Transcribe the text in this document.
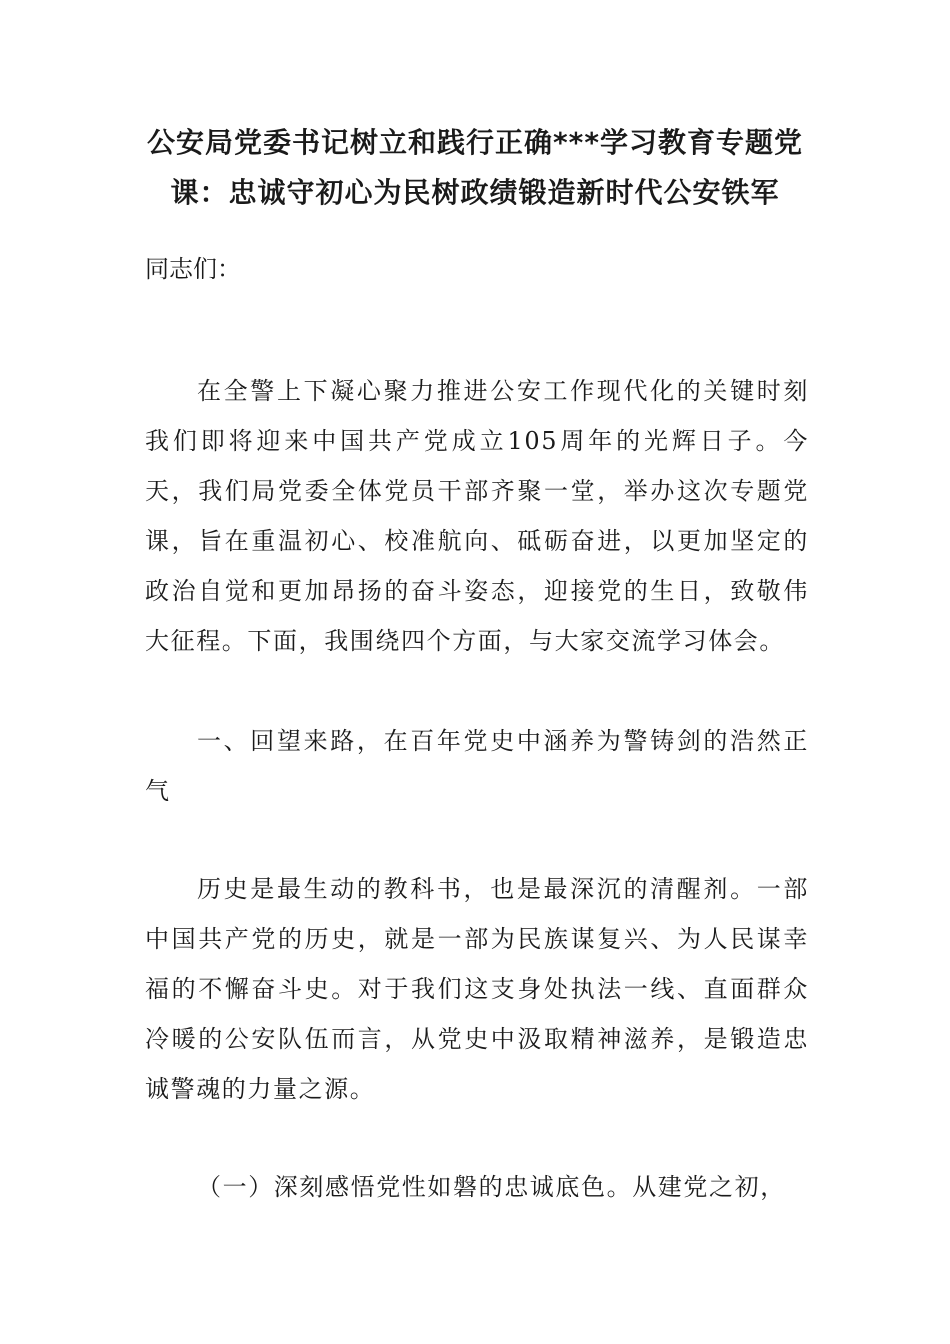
公安局党委书记树立和践行正确***学习教育专题党课：忠诚守初心为民树政绩锻造新时代公安铁军

同志们：

在全警上下凝心聚力推进公安工作现代化的关键时刻我们即将迎来中国共产党成立105周年的光辉日子。今天，我们局党委全体党员干部齐聚一堂，举办这次专题党课，旨在重温初心、校准航向、砥砺奋进，以更加坚定的政治自觉和更加昂扬的奋斗姿态，迎接党的生日，致敬伟大征程。下面，我围绕四个方面，与大家交流学习体会。

一、回望来路，在百年党史中涵养为警铸剑的浩然正气

历史是最生动的教科书，也是最深沉的清醒剂。一部中国共产党的历史，就是一部为民族谋复兴、为人民谋幸福的不懈奋斗史。对于我们这支身处执法一线、直面群众冷暖的公安队伍而言，从党史中汲取精神滋养，是锻造忠诚警魂的力量之源。

（一）深刻感悟党性如磐的忠诚底色。从建党之初，
